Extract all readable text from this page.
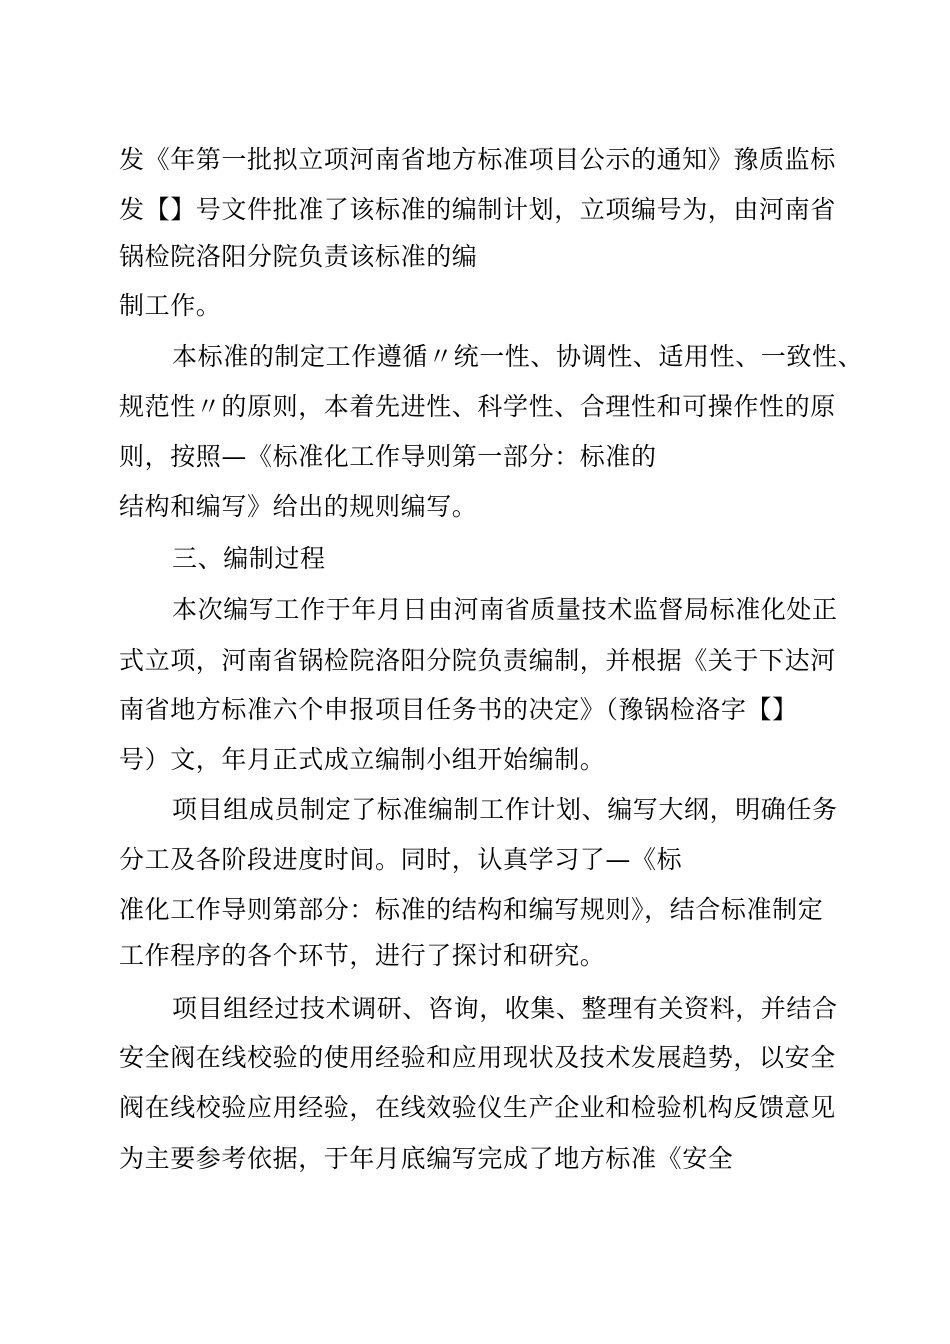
发《年第一批拟立项河南省地方标准项目公示的通知》豫质监标
发【】号文件批准了该标准的编制计划，立项编号为，由河南省
锅检院洛阳分院负责该标准的编
制工作。
本标准的制定工作遵循〃统一性、协调性、适用性、一致性、
规范性〃的原则，本着先进性、科学性、合理性和可操作性的原
则，按照—《标准化工作导则第一部分：标准的
结构和编写》给出的规则编写。
三、编制过程
本次编写工作于年月日由河南省质量技术监督局标准化处正
式立项，河南省锅检院洛阳分院负责编制，并根据《关于下达河
南省地方标准六个申报项目任务书的决定》（豫锅检洛字【】
号）文，年月正式成立编制小组开始编制。
项目组成员制定了标准编制工作计划、编写大纲，明确任务
分工及各阶段进度时间。同时，认真学习了—《标
准化工作导则第部分：标准的结构和编写规则》，结合标准制定
工作程序的各个环节，进行了探讨和研究。
项目组经过技术调研、咨询，收集、整理有关资料，并结合
安全阀在线校验的使用经验和应用现状及技术发展趋势，以安全
阀在线校验应用经验，在线效验仪生产企业和检验机构反馈意见
为主要参考依据，于年月底编写完成了地方标准《安全
